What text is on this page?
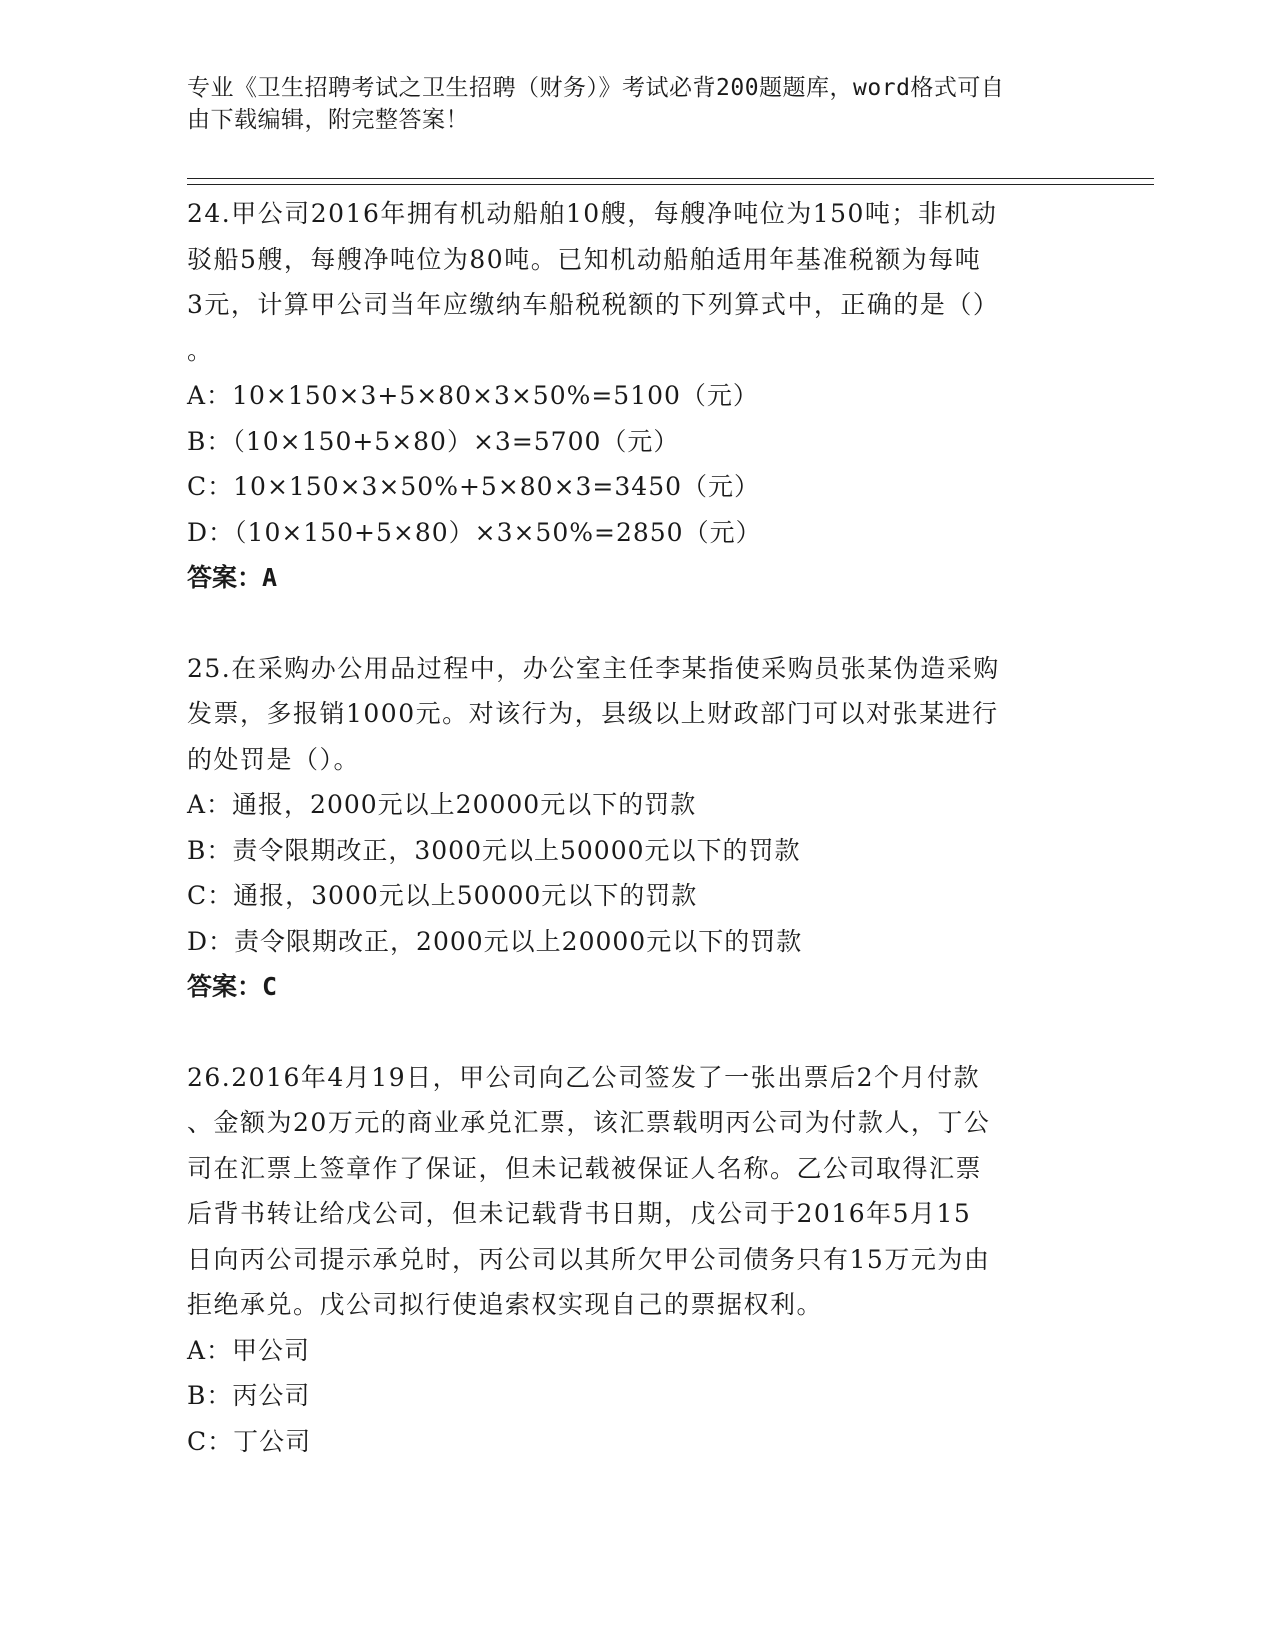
专业《卫生招聘考试之卫生招聘（财务）》考试必背200题题库，word格式可自
由下载编辑，附完整答案！
24.甲公司2016年拥有机动船舶10艘，每艘净吨位为150吨；非机动
驳船5艘，每艘净吨位为80吨。已知机动船舶适用年基准税额为每吨
3元，计算甲公司当年应缴纳车船税税额的下列算式中，正确的是（）
。
A：10×150×3+5×80×3×50%=5100（元）
B：（10×150+5×80）×3=5700（元）
C：10×150×3×50%+5×80×3=3450（元）
D：（10×150+5×80）×3×50%=2850（元）
答案：A
25.在采购办公用品过程中，办公室主任李某指使采购员张某伪造采购
发票，多报销1000元。对该行为，县级以上财政部门可以对张某进行
的处罚是（）。
A：通报，2000元以上20000元以下的罚款
B：责令限期改正，3000元以上50000元以下的罚款
C：通报，3000元以上50000元以下的罚款
D：责令限期改正，2000元以上20000元以下的罚款
答案：C
26.2016年4月19日，甲公司向乙公司签发了一张出票后2个月付款
、金额为20万元的商业承兑汇票，该汇票载明丙公司为付款人，丁公
司在汇票上签章作了保证，但未记载被保证人名称。乙公司取得汇票
后背书转让给戊公司，但未记载背书日期，戊公司于2016年5月15
日向丙公司提示承兑时，丙公司以其所欠甲公司债务只有15万元为由
拒绝承兑。戊公司拟行使追索权实现自己的票据权利。
A：甲公司
B：丙公司
C：丁公司
